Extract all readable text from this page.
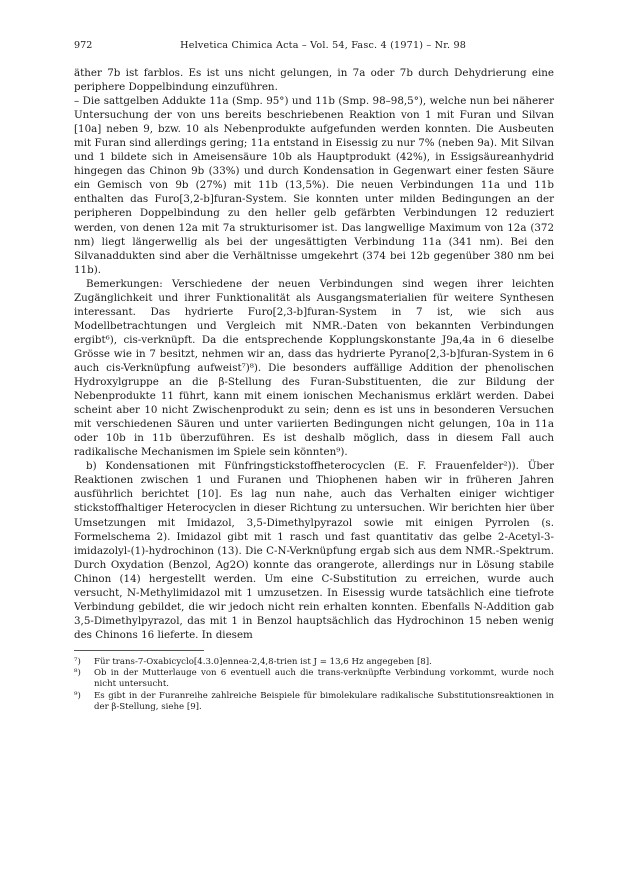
972	Helvetica Chimica Acta – Vol. 54, Fasc. 4 (1971) – Nr. 98

äther 7b ist farblos. Es ist uns nicht gelungen, in 7a oder 7b durch Dehydrierung eine periphere Doppelbindung einzuführen.

– Die sattgelben Addukte 11a (Smp. 95°) und 11b (Smp. 98–98,5°), welche nun bei näherer Untersuchung der von uns bereits beschriebenen Reaktion von 1 mit Furan und Silvan [10a] neben 9, bzw. 10 als Nebenprodukte aufgefunden werden konnten. Die Ausbeuten mit Furan sind allerdings gering; 11a entstand in Eisessig zu nur 7% (neben 9a). Mit Silvan und 1 bildete sich in Ameisensäure 10b als Hauptprodukt (42%), in Essigsäureanhydrid hingegen das Chinon 9b (33%) und durch Kondensation in Gegenwart einer festen Säure ein Gemisch von 9b (27%) mit 11b (13,5%). Die neuen Verbindungen 11a und 11b enthalten das Furo[3,2-b]furan-System. Sie konnten unter milden Bedingungen an der peripheren Doppelbindung zu den heller gelb gefärbten Verbindungen 12 reduziert werden, von denen 12a mit 7a strukturisomer ist. Das langwellige Maximum von 12a (372 nm) liegt längerwellig als bei der ungesättigten Verbindung 11a (341 nm). Bei den Silvanaddukten sind aber die Verhältnisse umgekehrt (374 bei 12b gegenüber 380 nm bei 11b).

Bemerkungen: Verschiedene der neuen Verbindungen sind wegen ihrer leichten Zugänglichkeit und ihrer Funktionalität als Ausgangsmaterialien für weitere Synthesen interessant. Das hydrierte Furo[2,3-b]furan-System in 7 ist, wie sich aus Modellbetrachtungen und Vergleich mit NMR.-Daten von bekannten Verbindungen ergibt⁶), cis-verknüpft. Da die entsprechende Kopplungskonstante J9a,4a in 6 dieselbe Grösse wie in 7 besitzt, nehmen wir an, dass das hydrierte Pyrano[2,3-b]furan-System in 6 auch cis-Verknüpfung aufweist⁷)⁸). Die besonders auffällige Addition der phenolischen Hydroxylgruppe an die β-Stellung des Furan-Substituenten, die zur Bildung der Nebenprodukte 11 führt, kann mit einem ionischen Mechanismus erklärt werden. Dabei scheint aber 10 nicht Zwischenprodukt zu sein; denn es ist uns in besonderen Versuchen mit verschiedenen Säuren und unter variierten Bedingungen nicht gelungen, 10a in 11a oder 10b in 11b überzuführen. Es ist deshalb möglich, dass in diesem Fall auch radikalische Mechanismen im Spiele sein könnten⁹).

b) Kondensationen mit Fünfringstickstoffheterocyclen (E. F. Frauenfelder²)). Über Reaktionen zwischen 1 und Furanen und Thiophenen haben wir in früheren Jahren ausführlich berichtet [10]. Es lag nun nahe, auch das Verhalten einiger wichtiger stickstoffhaltiger Heterocyclen in dieser Richtung zu untersuchen. Wir berichten hier über Umsetzungen mit Imidazol, 3,5-Dimethylpyrazol sowie mit einigen Pyrrolen (s. Formelschema 2). Imidazol gibt mit 1 rasch und fast quantitativ das gelbe 2-Acetyl-3-imidazolyl-(1)-hydrochinon (13). Die C-N-Verknüpfung ergab sich aus dem NMR.-Spektrum. Durch Oxydation (Benzol, Ag2O) konnte das orangerote, allerdings nur in Lösung stabile Chinon (14) hergestellt werden. Um eine C-Substitution zu erreichen, wurde auch versucht, N-Methylimidazol mit 1 umzusetzen. In Eisessig wurde tatsächlich eine tiefrote Verbindung gebildet, die wir jedoch nicht rein erhalten konnten. Ebenfalls N-Addition gab 3,5-Dimethylpyrazol, das mit 1 in Benzol hauptsächlich das Hydrochinon 15 neben wenig des Chinons 16 lieferte. In diesem

⁷)	Für trans-7-Oxabicyclo[4.3.0]ennea-2,4,8-trien ist J = 13,6 Hz angegeben [8].
⁸)	Ob in der Mutterlauge von 6 eventuell auch die trans-verknüpfte Verbindung vorkommt, wurde noch nicht untersucht.
⁹)	Es gibt in der Furanreihe zahlreiche Beispiele für bimolekulare radikalische Substitutionsreaktionen in der β-Stellung, siehe [9].
